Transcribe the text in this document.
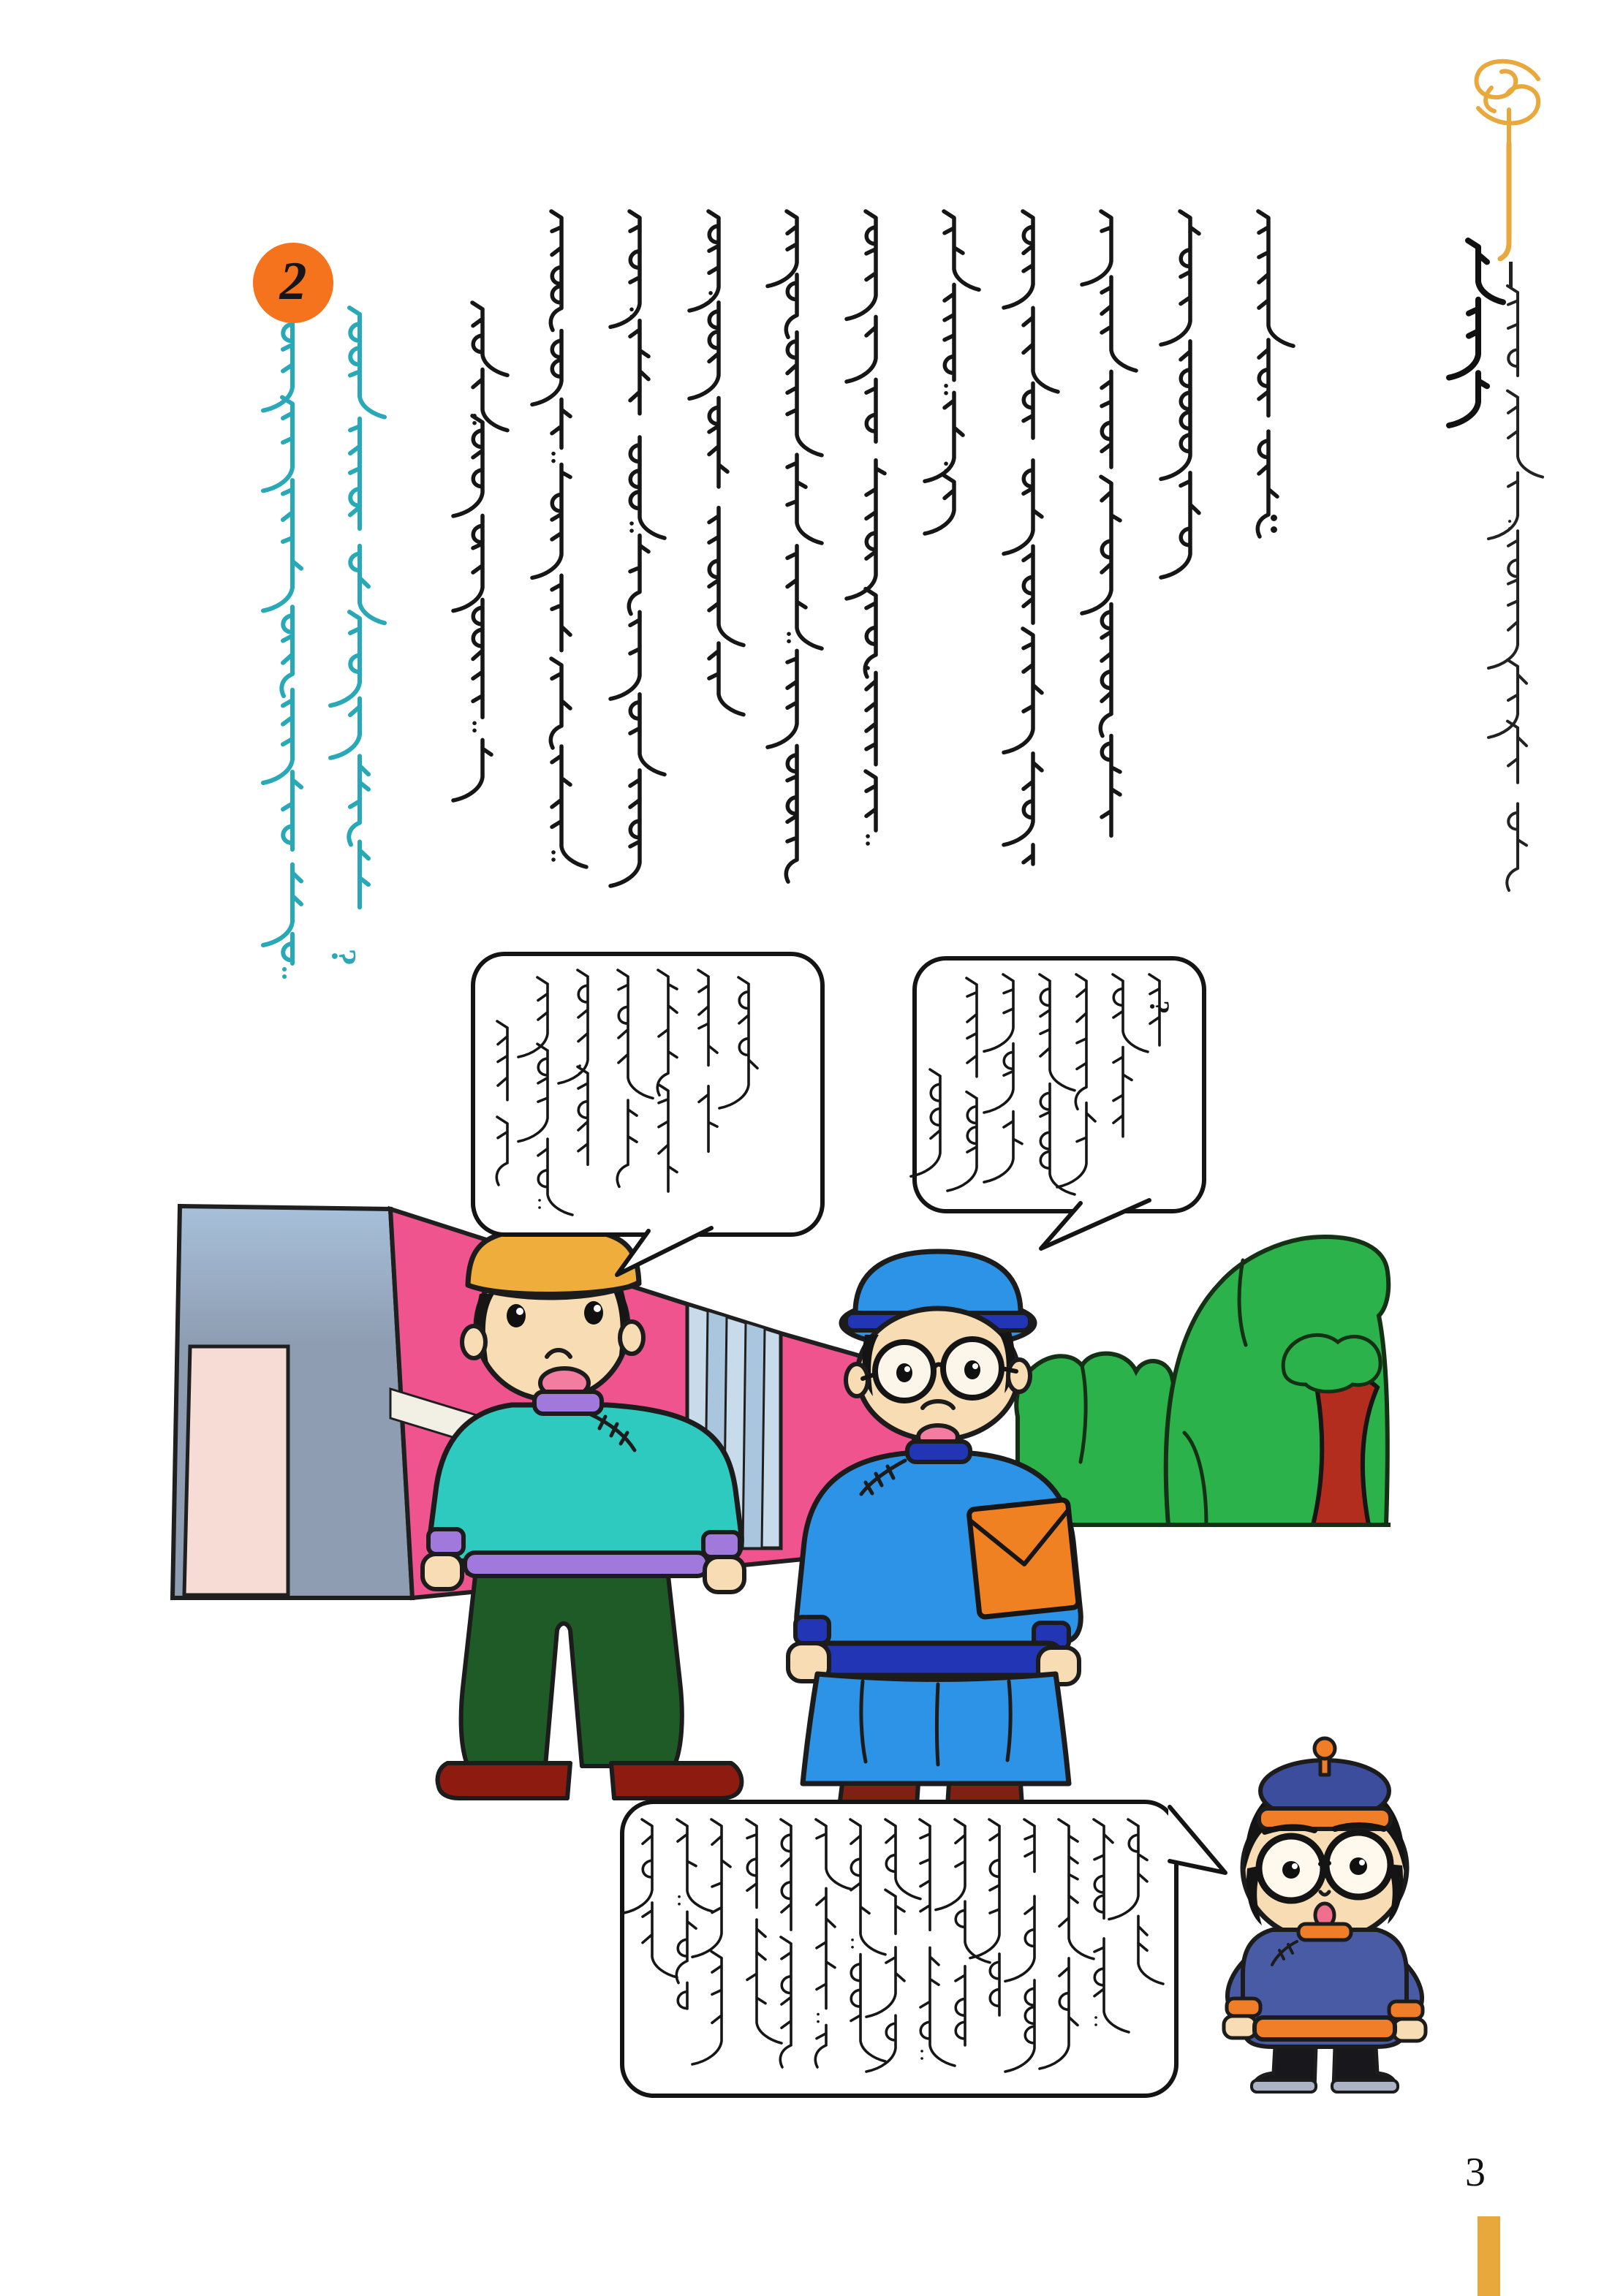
2
?
?
3
